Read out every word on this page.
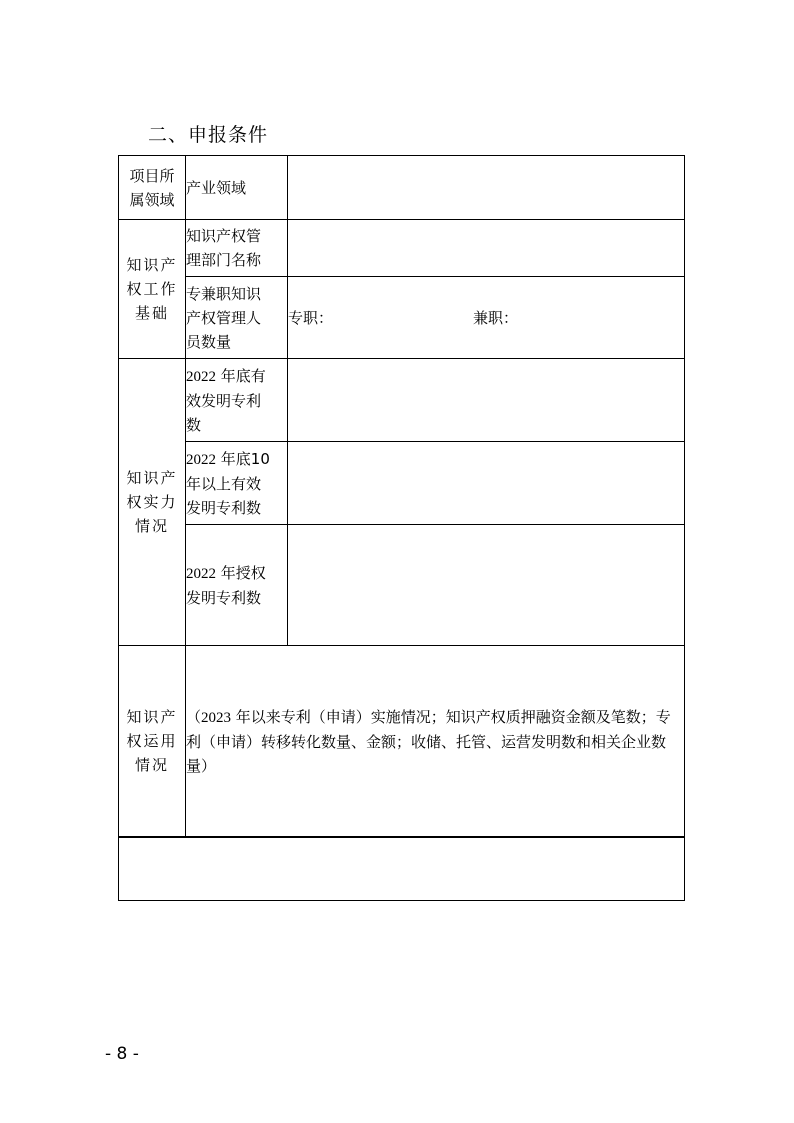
二、申报条件
项目所属领域	产业领域	
知识产权工作基础	知识产权管理部门名称	
	专兼职知识产权管理人员数量	专职： 兼职：

知识产权实力情况	2022 年底有效发明专利数	
	2022 年底10年以上有效发明专利数	
	2022 年授权发明专利数	
知识产权运用情况	（2023 年以来专利（申请）实施情况；知识产权质押融资金额及笔数；专利（申请）转移转化数量、金额；收储、托管、运营发明数和相关企业数量）	

- 8 -
